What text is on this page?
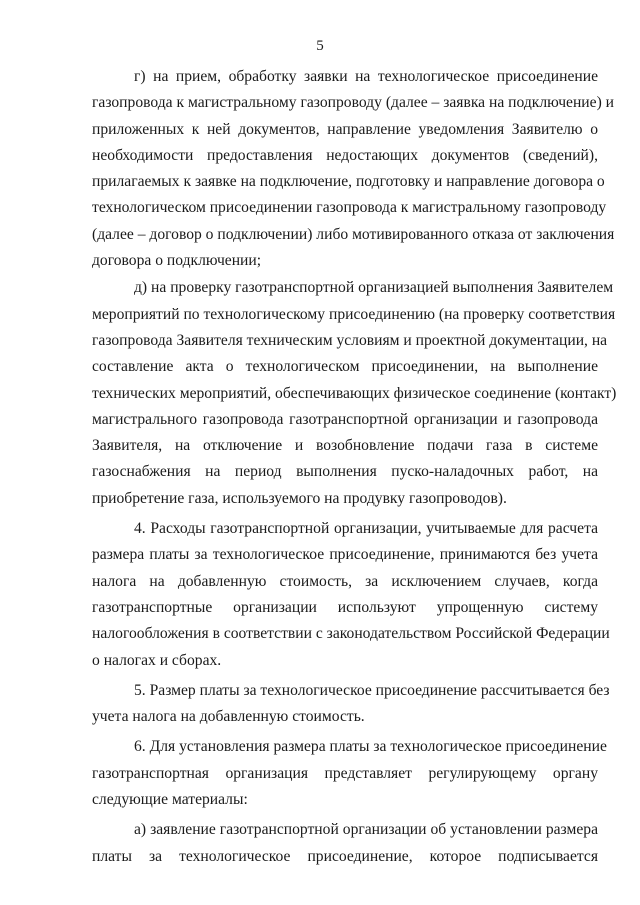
5
г) на прием, обработку заявки на технологическое присоединение
газопровода к магистральному газопроводу (далее – заявка на подключение) и
приложенных к ней документов, направление уведомления Заявителю о
необходимости предоставления недостающих документов (сведений),
прилагаемых к заявке на подключение, подготовку и направление договора о
технологическом присоединении газопровода к магистральному газопроводу
(далее – договор о подключении) либо мотивированного отказа от заключения
договора о подключении;
д) на проверку газотранспортной организацией выполнения Заявителем
мероприятий по технологическому присоединению (на проверку соответствия
газопровода Заявителя техническим условиям и проектной документации, на
составление акта о технологическом присоединении, на выполнение
технических мероприятий, обеспечивающих физическое соединение (контакт)
магистрального газопровода газотранспортной организации и газопровода
Заявителя, на отключение и возобновление подачи газа в системе
газоснабжения на период выполнения пуско-наладочных работ, на
приобретение газа, используемого на продувку газопроводов).
4. Расходы газотранспортной организации, учитываемые для расчета
размера платы за технологическое присоединение, принимаются без учета
налога на добавленную стоимость, за исключением случаев, когда
газотранспортные организации используют упрощенную систему
налогообложения в соответствии с законодательством Российской Федерации
о налогах и сборах.
5. Размер платы за технологическое присоединение рассчитывается без
учета налога на добавленную стоимость.
6. Для установления размера платы за технологическое присоединение
газотранспортная организация представляет регулирующему органу
следующие материалы:
а) заявление газотранспортной организации об установлении размера
платы за технологическое присоединение, которое подписывается
